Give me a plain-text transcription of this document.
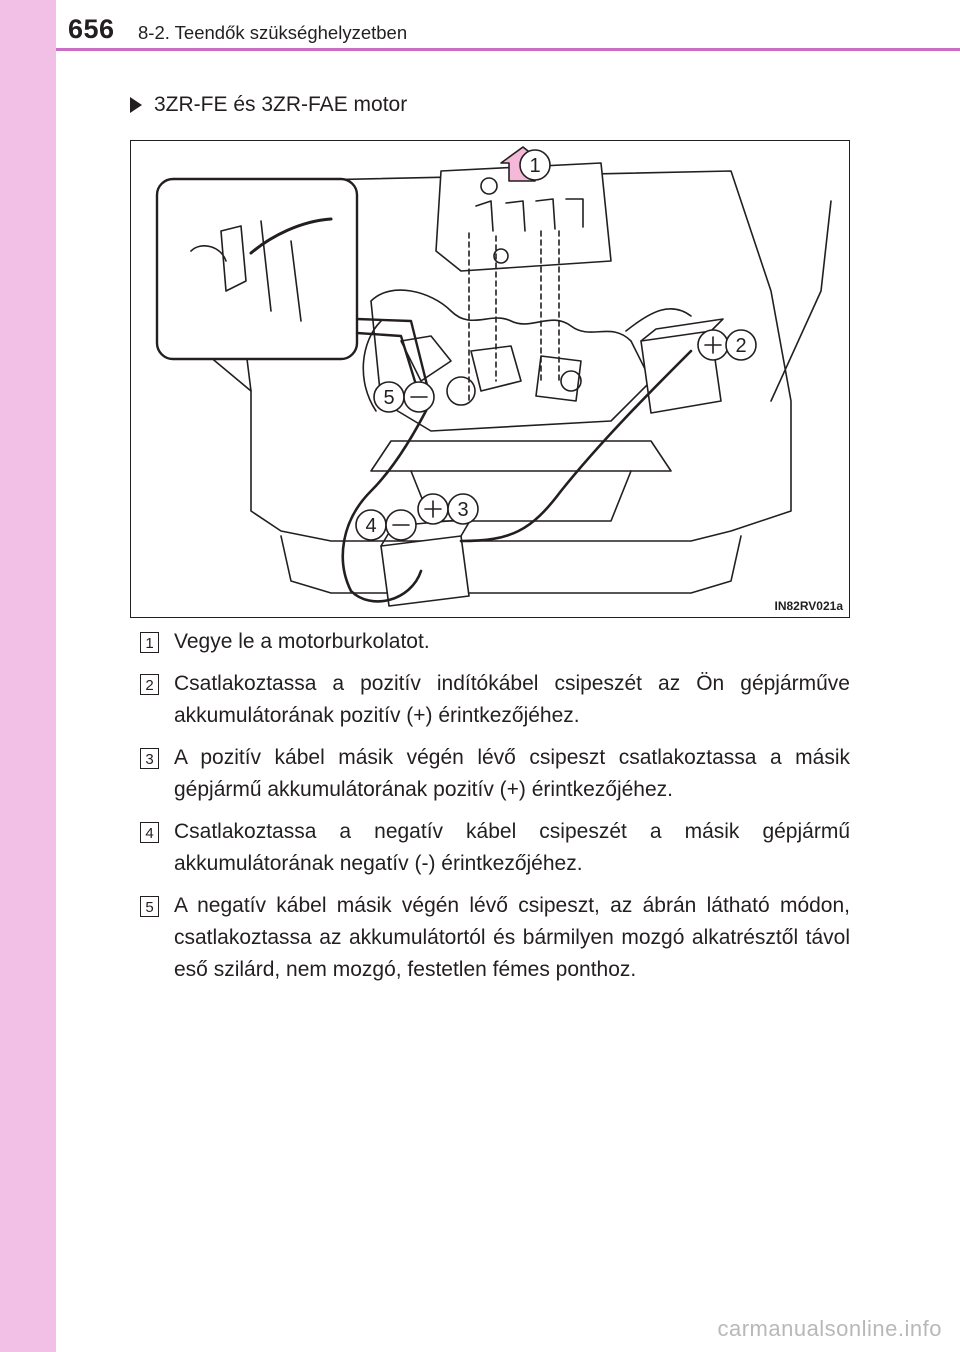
656 8-2. Teendők szükséghelyzetben
3ZR-FE és 3ZR-FAE motor
1
2
3
4
5
IN82RV021a
1 Vegye le a motorburkolatot.
2 Csatlakoztassa a pozitív indítókábel csipeszét az Ön gépjárműve akkumulátorának pozitív (+) érintkezőjéhez.
3 A pozitív kábel másik végén lévő csipeszt csatlakoztassa a másik gépjármű akkumulátorának pozitív (+) érintkezőjéhez.
4 Csatlakoztassa a negatív kábel csipeszét a másik gépjármű akkumulátorának negatív (-) érintkezőjéhez.
5 A negatív kábel másik végén lévő csipeszt, az ábrán látható módon, csatlakoztassa az akkumulátortól és bármilyen mozgó alkatrésztől távol eső szilárd, nem mozgó, festetlen fémes ponthoz.
carmanualsonline.info
